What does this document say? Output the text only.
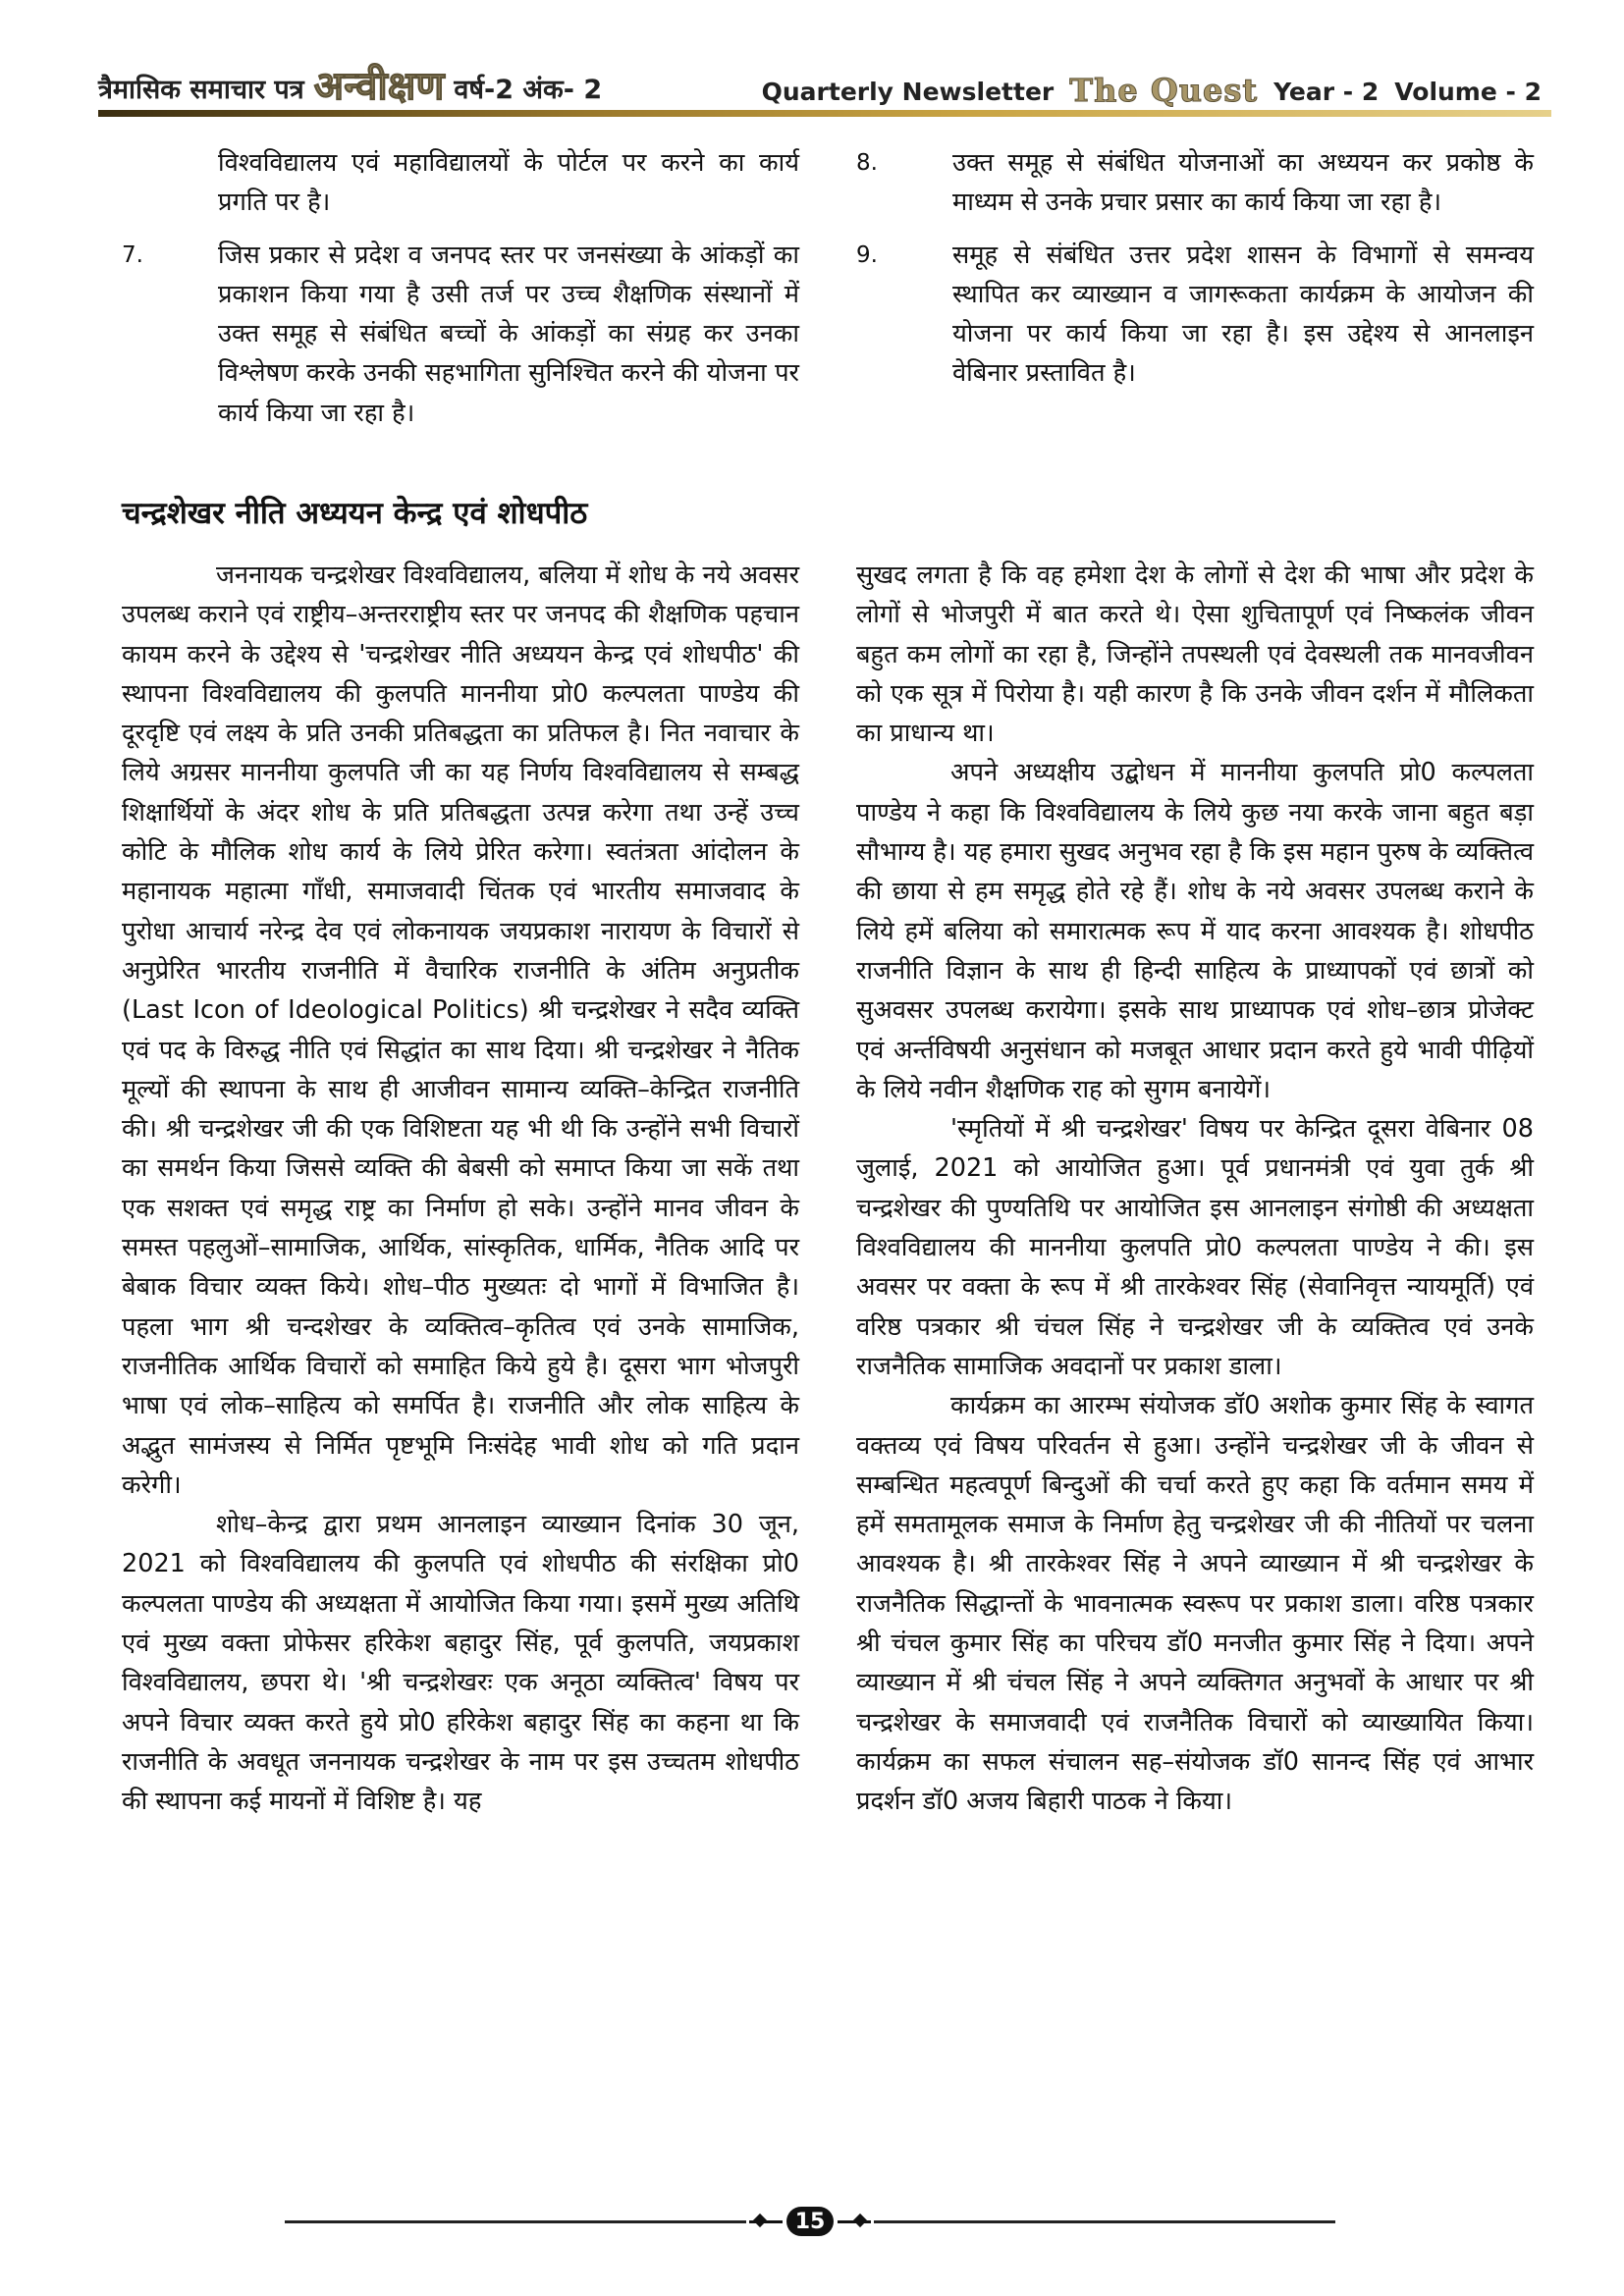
त्रैमासिक समाचार पत्र अन्वीक्षण वर्ष-2 अंक- 2	Quarterly Newsletter The Quest Year - 2 Volume - 2

विश्वविद्यालय एवं महाविद्यालयों के पोर्टल पर करने का कार्य प्रगति पर है।

7.	जिस प्रकार से प्रदेश व जनपद स्तर पर जनसंख्या के आंकड़ों का प्रकाशन किया गया है उसी तर्ज पर उच्च शैक्षणिक संस्थानों में उक्त समूह से संबंधित बच्चों के आंकड़ों का संग्रह कर उनका विश्लेषण करके उनकी सहभागिता सुनिश्चित करने की योजना पर कार्य किया जा रहा है।

8.	उक्त समूह से संबंधित योजनाओं का अध्ययन कर प्रकोष्ठ के माध्यम से उनके प्रचार प्रसार का कार्य किया जा रहा है।

9.	समूह से संबंधित उत्तर प्रदेश शासन के विभागों से समन्वय स्थापित कर व्याख्यान व जागरूकता कार्यक्रम के आयोजन की योजना पर कार्य किया जा रहा है। इस उद्देश्य से आनलाइन वेबिनार प्रस्तावित है।

चन्द्रशेखर नीति अध्ययन केन्द्र एवं शोधपीठ

जननायक चन्द्रशेखर विश्वविद्यालय, बलिया में शोध के नये अवसर उपलब्ध कराने एवं राष्ट्रीय–अन्तरराष्ट्रीय स्तर पर जनपद की शैक्षणिक पहचान कायम करने के उद्देश्य से 'चन्द्रशेखर नीति अध्ययन केन्द्र एवं शोधपीठ' की स्थापना विश्वविद्यालय की कुलपति माननीया प्रो0 कल्पलता पाण्डेय की दूरदृष्टि एवं लक्ष्य के प्रति उनकी प्रतिबद्धता का प्रतिफल है। नित नवाचार के लिये अग्रसर माननीया कुलपति जी का यह निर्णय विश्वविद्यालय से सम्बद्ध शिक्षार्थियों के अंदर शोध के प्रति प्रतिबद्धता उत्पन्न करेगा तथा उन्हें उच्च कोटि के मौलिक शोध कार्य के लिये प्रेरित करेगा। स्वतंत्रता आंदोलन के महानायक महात्मा गाँधी, समाजवादी चिंतक एवं भारतीय समाजवाद के पुरोधा आचार्य नरेन्द्र देव एवं लोकनायक जयप्रकाश नारायण के विचारों से अनुप्रेरित भारतीय राजनीति में वैचारिक राजनीति के अंतिम अनुप्रतीक (Last Icon of Ideological Politics) श्री चन्द्रशेखर ने सदैव व्यक्ति एवं पद के विरुद्ध नीति एवं सिद्धांत का साथ दिया। श्री चन्द्रशेखर ने नैतिक मूल्यों की स्थापना के साथ ही आजीवन सामान्य व्यक्ति–केन्द्रित राजनीति की। श्री चन्द्रशेखर जी की एक विशिष्टता यह भी थी कि उन्होंने सभी विचारों का समर्थन किया जिससे व्यक्ति की बेबसी को समाप्त किया जा सकें तथा एक सशक्त एवं समृद्ध राष्ट्र का निर्माण हो सके। उन्होंने मानव जीवन के समस्त पहलुओं–सामाजिक, आर्थिक, सांस्कृतिक, धार्मिक, नैतिक आदि पर बेबाक विचार व्यक्त किये। शोध–पीठ मुख्यतः दो भागों में विभाजित है। पहला भाग श्री चन्दशेखर के व्यक्तित्व–कृतित्व एवं उनके सामाजिक, राजनीतिक आर्थिक विचारों को समाहित किये हुये है। दूसरा भाग भोजपुरी भाषा एवं लोक–साहित्य को समर्पित है। राजनीति और लोक साहित्य के अद्भुत सामंजस्य से निर्मित पृष्टभूमि निःसंदेह भावी शोध को गति प्रदान करेगी।

शोध–केन्द्र द्वारा प्रथम आनलाइन व्याख्यान दिनांक 30 जून, 2021 को विश्वविद्यालय की कुलपति एवं शोधपीठ की संरक्षिका प्रो0 कल्पलता पाण्डेय की अध्यक्षता में आयोजित किया गया। इसमें मुख्य अतिथि एवं मुख्य वक्ता प्रोफेसर हरिकेश बहादुर सिंह, पूर्व कुलपति, जयप्रकाश विश्वविद्यालय, छपरा थे। 'श्री चन्द्रशेखरः एक अनूठा व्यक्तित्व' विषय पर अपने विचार व्यक्त करते हुये प्रो0 हरिकेश बहादुर सिंह का कहना था कि राजनीति के अवधूत जननायक चन्द्रशेखर के नाम पर इस उच्चतम शोधपीठ की स्थापना कई मायनों में विशिष्ट है। यह

सुखद लगता है कि वह हमेशा देश के लोगों से देश की भाषा और प्रदेश के लोगों से भोजपुरी में बात करते थे। ऐसा शुचितापूर्ण एवं निष्कलंक जीवन बहुत कम लोगों का रहा है, जिन्होंने तपस्थली एवं देवस्थली तक मानवजीवन को एक सूत्र में पिरोया है। यही कारण है कि उनके जीवन दर्शन में मौलिकता का प्राधान्य था।

अपने अध्यक्षीय उद्बोधन में माननीया कुलपति प्रो0 कल्पलता पाण्डेय ने कहा कि विश्वविद्यालय के लिये कुछ नया करके जाना बहुत बड़ा सौभाग्य है। यह हमारा सुखद अनुभव रहा है कि इस महान पुरुष के व्यक्तित्व की छाया से हम समृद्ध होते रहे हैं। शोध के नये अवसर उपलब्ध कराने के लिये हमें बलिया को समारात्मक रूप में याद करना आवश्यक है। शोधपीठ राजनीति विज्ञान के साथ ही हिन्दी साहित्य के प्राध्यापकों एवं छात्रों को सुअवसर उपलब्ध करायेगा। इसके साथ प्राध्यापक एवं शोध–छात्र प्रोजेक्ट एवं अर्न्तविषयी अनुसंधान को मजबूत आधार प्रदान करते हुये भावी पीढ़ियों के लिये नवीन शैक्षणिक राह को सुगम बनायेगें।

'स्मृतियों में श्री चन्द्रशेखर' विषय पर केन्द्रित दूसरा वेबिनार 08 जुलाई, 2021 को आयोजित हुआ। पूर्व प्रधानमंत्री एवं युवा तुर्क श्री चन्द्रशेखर की पुण्यतिथि पर आयोजित इस आनलाइन संगोष्ठी की अध्यक्षता विश्वविद्यालय की माननीया कुलपति प्रो0 कल्पलता पाण्डेय ने की। इस अवसर पर वक्ता के रूप में श्री तारकेश्वर सिंह (सेवानिवृत्त न्यायमूर्ति) एवं वरिष्ठ पत्रकार श्री चंचल सिंह ने चन्द्रशेखर जी के व्यक्तित्व एवं उनके राजनैतिक सामाजिक अवदानों पर प्रकाश डाला।

कार्यक्रम का आरम्भ संयोजक डॉ0 अशोक कुमार सिंह के स्वागत वक्तव्य एवं विषय परिवर्तन से हुआ। उन्होंने चन्द्रशेखर जी के जीवन से सम्बन्धित महत्वपूर्ण बिन्दुओं की चर्चा करते हुए कहा कि वर्तमान समय में हमें समतामूलक समाज के निर्माण हेतु चन्द्रशेखर जी की नीतियों पर चलना आवश्यक है। श्री तारकेश्वर सिंह ने अपने व्याख्यान में श्री चन्द्रशेखर के राजनैतिक सिद्धान्तों के भावनात्मक स्वरूप पर प्रकाश डाला। वरिष्ठ पत्रकार श्री चंचल कुमार सिंह का परिचय डॉ0 मनजीत कुमार सिंह ने दिया। अपने व्याख्यान में श्री चंचल सिंह ने अपने व्यक्तिगत अनुभवों के आधार पर श्री चन्द्रशेखर के समाजवादी एवं राजनैतिक विचारों को व्याख्यायित किया। कार्यक्रम का सफल संचालन सह–संयोजक डॉ0 सानन्द सिंह एवं आभार प्रदर्शन डॉ0 अजय बिहारी पाठक ने किया।

15
